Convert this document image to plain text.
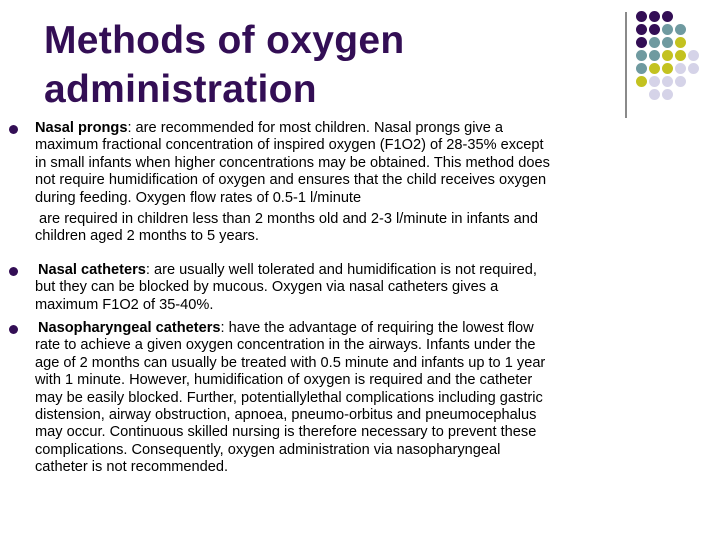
Methods of oxygen
administration
Nasal prongs: are recommended for most children. Nasal prongs give a
maximum fractional concentration of inspired oxygen (F1O2) of 28-35% except
in small infants when higher concentrations may be obtained. This method does
not require humidification of oxygen and ensures that the child receives oxygen
during feeding. Oxygen flow rates of 0.5-1 l/minute
are required in children less than 2 months old and 2-3 l/minute in infants and
children aged 2 months to 5 years.
Nasal catheters: are usually well tolerated and humidification is not required,
but they can be blocked by mucous. Oxygen via nasal catheters gives a
maximum F1O2 of 35-40%.
Nasopharyngeal catheters: have the advantage of requiring the lowest flow
rate to achieve a given oxygen concentration in the airways. Infants under the
age of 2 months can usually be treated with 0.5 minute and infants up to 1 year
with 1 minute. However, humidification of oxygen is required and the catheter
may be easily blocked. Further, potentiallylethal complications including gastric
distension, airway obstruction, apnoea, pneumo-orbitus and pneumocephalus
may occur. Continuous skilled nursing is therefore necessary to prevent these
complications. Consequently, oxygen administration via nasopharyngeal
catheter is not recommended.
